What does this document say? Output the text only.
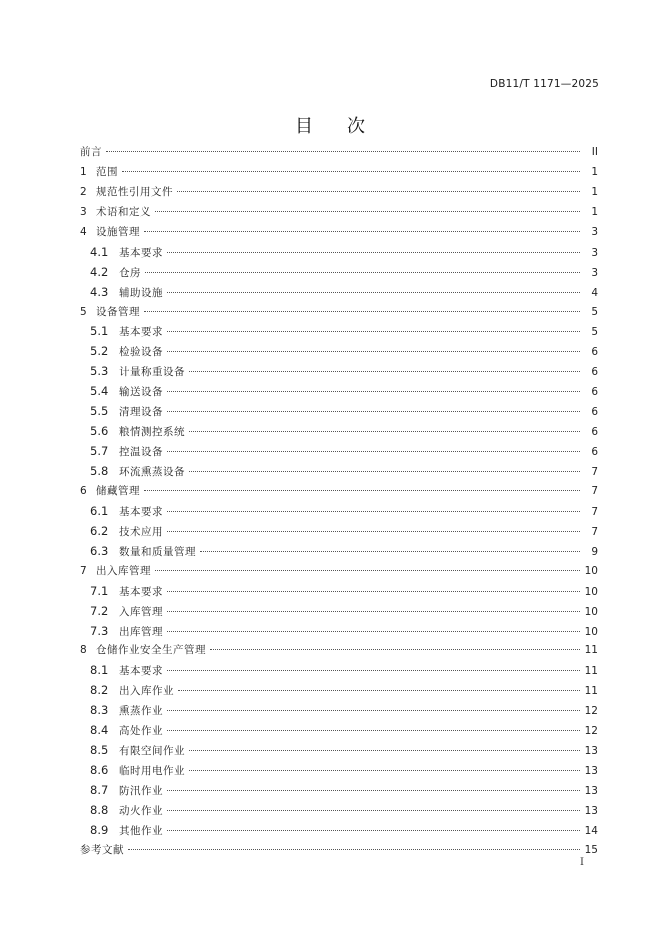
DB11/T 1171—2025
目 次
前言	II
1 范围	1
2 规范性引用文件	1
3 术语和定义	1
4 设施管理	3
4.1	基本要求	3
4.2	仓房	3
4.3	辅助设施	4
5 设备管理	5
5.1	基本要求	5
5.2	检验设备	6
5.3	计量称重设备	6
5.4	输送设备	6
5.5	清理设备	6
5.6	粮情测控系统	6
5.7	控温设备	6
5.8	环流熏蒸设备	7
6 储藏管理	7
6.1	基本要求	7
6.2	技术应用	7
6.3	数量和质量管理	9
7 出入库管理	10
7.1	基本要求	10
7.2	入库管理	10
7.3	出库管理	10
8 仓储作业安全生产管理	11
8.1	基本要求	11
8.2	出入库作业	11
8.3	熏蒸作业	12
8.4	高处作业	12
8.5	有限空间作业	13
8.6	临时用电作业	13
8.7	防汛作业	13
8.8	动火作业	13
8.9	其他作业	14
参考文献	15
I
